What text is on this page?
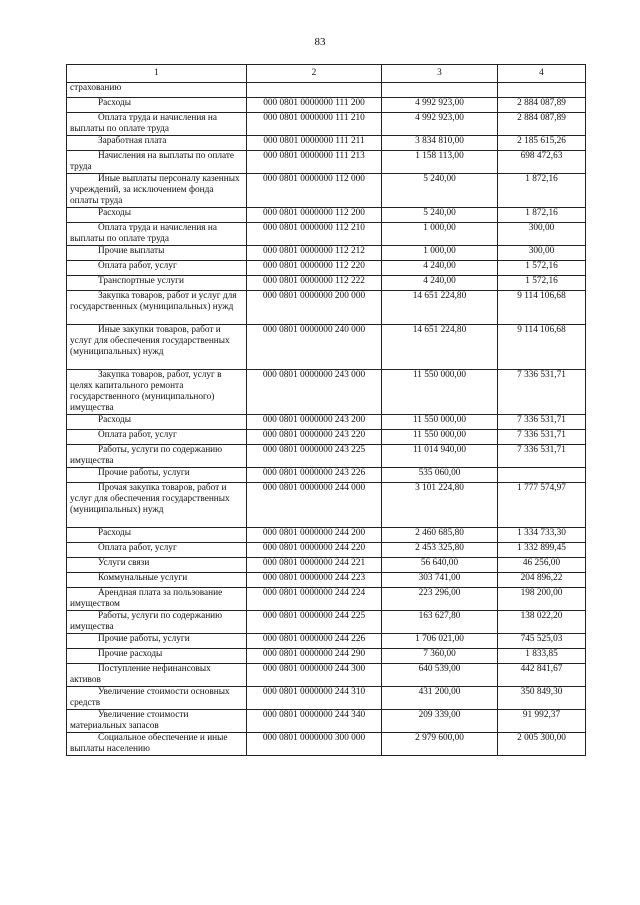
83
1	2	3	4
страхованию			
Расходы	000 0801 0000000 111 200	4 992 923,00	2 884 087,89
Оплата труда и начисления на выплаты по оплате труда	000 0801 0000000 111 210	4 992 923,00	2 884 087,89
Заработная плата	000 0801 0000000 111 211	3 834 810,00	2 185 615,26
Начисления на выплаты по оплате труда	000 0801 0000000 111 213	1 158 113,00	698 472,63
Иные выплаты персоналу казенных учреждений, за исключением фонда оплаты труда	000 0801 0000000 112 000	5 240,00	1 872,16
Расходы	000 0801 0000000 112 200	5 240,00	1 872,16
Оплата труда и начисления на выплаты по оплате труда	000 0801 0000000 112 210	1 000,00	300,00
Прочие выплаты	000 0801 0000000 112 212	1 000,00	300,00
Оплата работ, услуг	000 0801 0000000 112 220	4 240,00	1 572,16
Транспортные услуги	000 0801 0000000 112 222	4 240,00	1 572,16
Закупка товаров, работ и услуг для государственных (муниципальных) нужд	000 0801 0000000 200 000	14 651 224,80	9 114 106,68
Иные закупки товаров, работ и услуг для обеспечения государственных (муниципальных) нужд	000 0801 0000000 240 000	14 651 224,80	9 114 106,68
Закупка товаров, работ, услуг в целях капитального ремонта государственного (муниципального) имущества	000 0801 0000000 243 000	11 550 000,00	7 336 531,71
Расходы	000 0801 0000000 243 200	11 550 000,00	7 336 531,71
Оплата работ, услуг	000 0801 0000000 243 220	11 550 000,00	7 336 531,71
Работы, услуги по содержанию имущества	000 0801 0000000 243 225	11 014 940,00	7 336 531,71
Прочие работы, услуги	000 0801 0000000 243 226	535 060,00	
Прочая закупка товаров, работ и услуг для обеспечения государственных (муниципальных) нужд	000 0801 0000000 244 000	3 101 224,80	1 777 574,97
Расходы	000 0801 0000000 244 200	2 460 685,80	1 334 733,30
Оплата работ, услуг	000 0801 0000000 244 220	2 453 325,80	1 332 899,45
Услуги связи	000 0801 0000000 244 221	56 640,00	46 256,00
Коммунальные услуги	000 0801 0000000 244 223	303 741,00	204 896,22
Арендная плата за пользование имуществом	000 0801 0000000 244 224	223 296,00	198 200,00
Работы, услуги по содержанию имущества	000 0801 0000000 244 225	163 627,80	138 022,20
Прочие работы, услуги	000 0801 0000000 244 226	1 706 021,00	745 525,03
Прочие расходы	000 0801 0000000 244 290	7 360,00	1 833,85
Поступление нефинансовых активов	000 0801 0000000 244 300	640 539,00	442 841,67
Увеличение стоимости основных средств	000 0801 0000000 244 310	431 200,00	350 849,30
Увеличение стоимости материальных запасов	000 0801 0000000 244 340	209 339,00	91 992,37
Социальное обеспечение и иные выплаты населению	000 0801 0000000 300 000	2 979 600,00	2 005 300,00
